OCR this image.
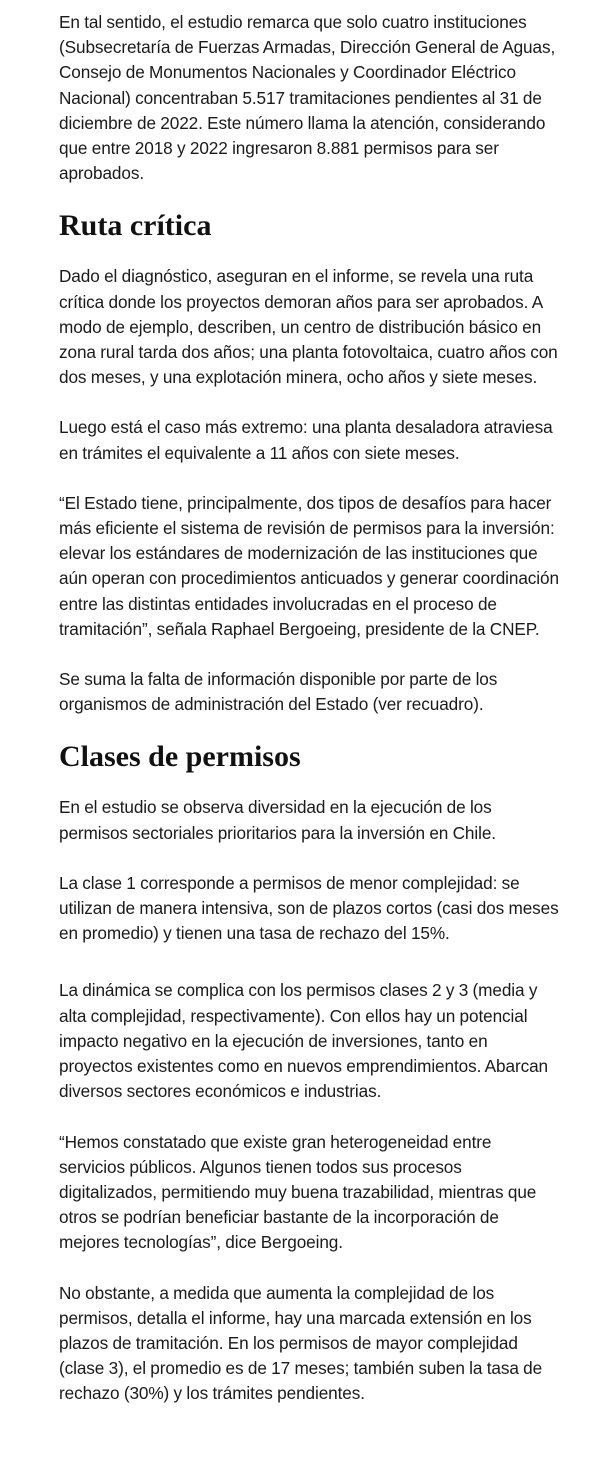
En tal sentido, el estudio remarca que solo cuatro instituciones (Subsecretaría de Fuerzas Armadas, Dirección General de Aguas, Consejo de Monumentos Nacionales y Coordinador Eléctrico Nacional) concentraban 5.517 tramitaciones pendientes al 31 de diciembre de 2022. Este número llama la atención, considerando que entre 2018 y 2022 ingresaron 8.881 permisos para ser aprobados.

Ruta crítica

Dado el diagnóstico, aseguran en el informe, se revela una ruta crítica donde los proyectos demoran años para ser aprobados. A modo de ejemplo, describen, un centro de distribución básico en zona rural tarda dos años; una planta fotovoltaica, cuatro años con dos meses, y una explotación minera, ocho años y siete meses.

Luego está el caso más extremo: una planta desaladora atraviesa en trámites el equivalente a 11 años con siete meses.

“El Estado tiene, principalmente, dos tipos de desafíos para hacer más eficiente el sistema de revisión de permisos para la inversión: elevar los estándares de modernización de las instituciones que aún operan con procedimientos anticuados y generar coordinación entre las distintas entidades involucradas en el proceso de tramitación”, señala Raphael Bergoeing, presidente de la CNEP.

Se suma la falta de información disponible por parte de los organismos de administración del Estado (ver recuadro).

Clases de permisos

En el estudio se observa diversidad en la ejecución de los permisos sectoriales prioritarios para la inversión en Chile.

La clase 1 corresponde a permisos de menor complejidad: se utilizan de manera intensiva, son de plazos cortos (casi dos meses en promedio) y tienen una tasa de rechazo del 15%.

La dinámica se complica con los permisos clases 2 y 3 (media y alta complejidad, respectivamente). Con ellos hay un potencial impacto negativo en la ejecución de inversiones, tanto en proyectos existentes como en nuevos emprendimientos. Abarcan diversos sectores económicos e industrias.

“Hemos constatado que existe gran heterogeneidad entre servicios públicos. Algunos tienen todos sus procesos digitalizados, permitiendo muy buena trazabilidad, mientras que otros se podrían beneficiar bastante de la incorporación de mejores tecnologías”, dice Bergoeing.

No obstante, a medida que aumenta la complejidad de los permisos, detalla el informe, hay una marcada extensión en los plazos de tramitación. En los permisos de mayor complejidad (clase 3), el promedio es de 17 meses; también suben la tasa de rechazo (30%) y los trámites pendientes.
